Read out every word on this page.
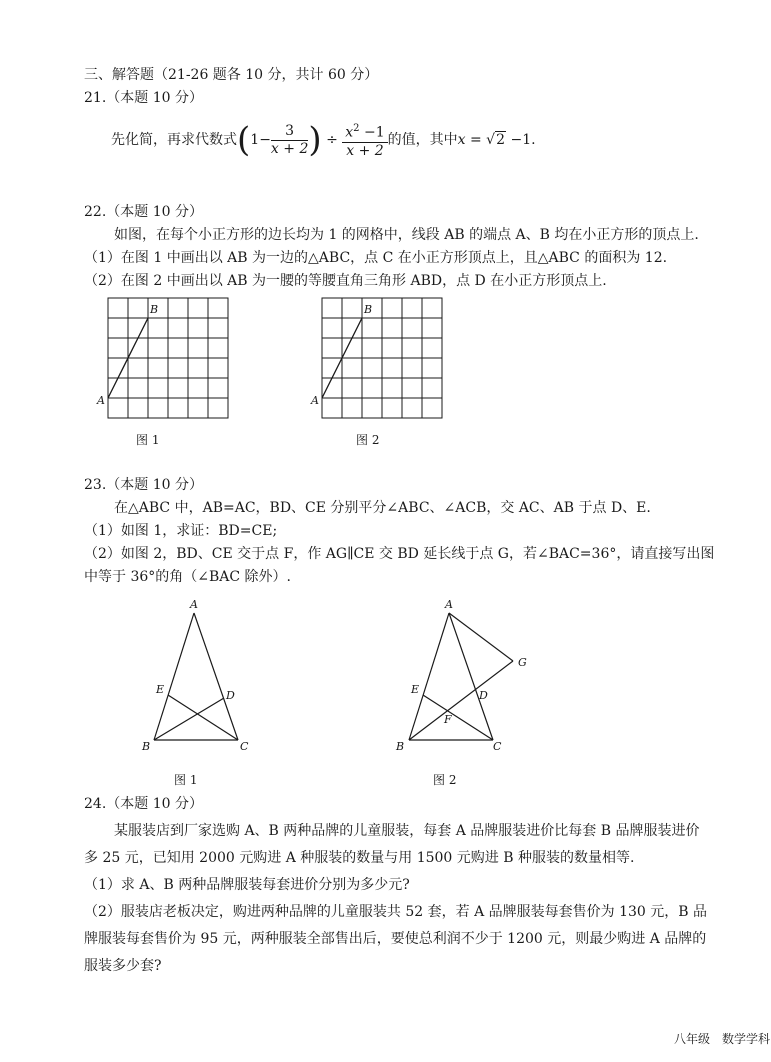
三、解答题（21-26 题各 10 分，共计 60 分）
21.（本题 10 分）
先化简，再求代数式($1- \frac{3}{x + 2}$ ) ÷ $\frac{x^2 -1}{x + 2}$ 的值，其中x = √2 −1.
22.（本题 10 分）
如图，在每个小正方形的边长均为 1 的网格中，线段 AB 的端点 A、B 均在小正方形的顶点上.
（1）在图 1 中画出以 AB 为一边的△ABC，点 C 在小正方形顶点上，且△ABC 的面积为 12.
（2）在图 2 中画出以 AB 为一腰的等腰直角三角形 ABD，点 D 在小正方形顶点上.
A
B
图 1
A
B
图 2
23.（本题 10 分）
在△ABC 中，AB=AC，BD、CE 分别平分∠ABC、∠ACB，交 AC、AB 于点 D、E.
（1）如图 1，求证：BD=CE;
（2）如图 2，BD、CE 交于点 F，作 AG∥CE 交 BD 延长线于点 G，若∠BAC=36°，请直接写出图
中等于 36°的角（∠BAC 除外）.
A
B	C
D
E
图 1
A
B	C
D
E
F
G
图 2
24.（本题 10 分）
某服装店到厂家选购 A、B 两种品牌的儿童服装，每套 A 品牌服装进价比每套 B 品牌服装进价
多 25 元，已知用 2000 元购进 A 种服装的数量与用 1500 元购进 B 种服装的数量相等.
（1）求 A、B 两种品牌服装每套进价分别为多少元?
（2）服装店老板决定，购进两种品牌的儿童服装共 52 套，若 A 品牌服装每套售价为 130 元，B 品
牌服装每套售价为 95 元，两种服装全部售出后，要使总利润不少于 1200 元，则最少购进 A 品牌的
服装多少套?
八年级　数学学科
